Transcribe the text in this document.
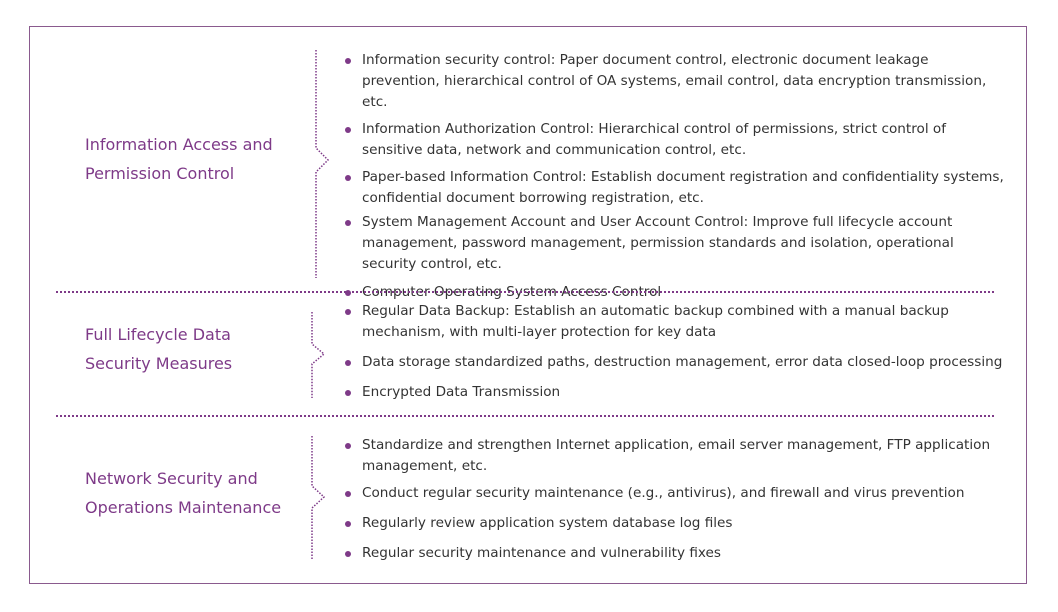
Information Access and
Permission Control
Information security control: Paper document control, electronic document leakage prevention, hierarchical control of OA systems, email control, data encryption transmission, etc.
Information Authorization Control: Hierarchical control of permissions, strict control of sensitive data, network and communication control, etc.
Paper-based Information Control: Establish document registration and confidentiality systems, confidential document borrowing registration, etc.
System Management Account and User Account Control: Improve full lifecycle account management, password management, permission standards and isolation, operational security control, etc.
Computer Operating System Access Control
Full Lifecycle Data
Security Measures
Regular Data Backup: Establish an automatic backup combined with a manual backup mechanism, with multi-layer protection for key data
Data storage standardized paths, destruction management, error data closed-loop processing
Encrypted Data Transmission
Network Security and
Operations Maintenance
Standardize and strengthen Internet application, email server management, FTP application management, etc.
Conduct regular security maintenance (e.g., antivirus), and firewall and virus prevention
Regularly review application system database log files
Regular security maintenance and vulnerability fixes
